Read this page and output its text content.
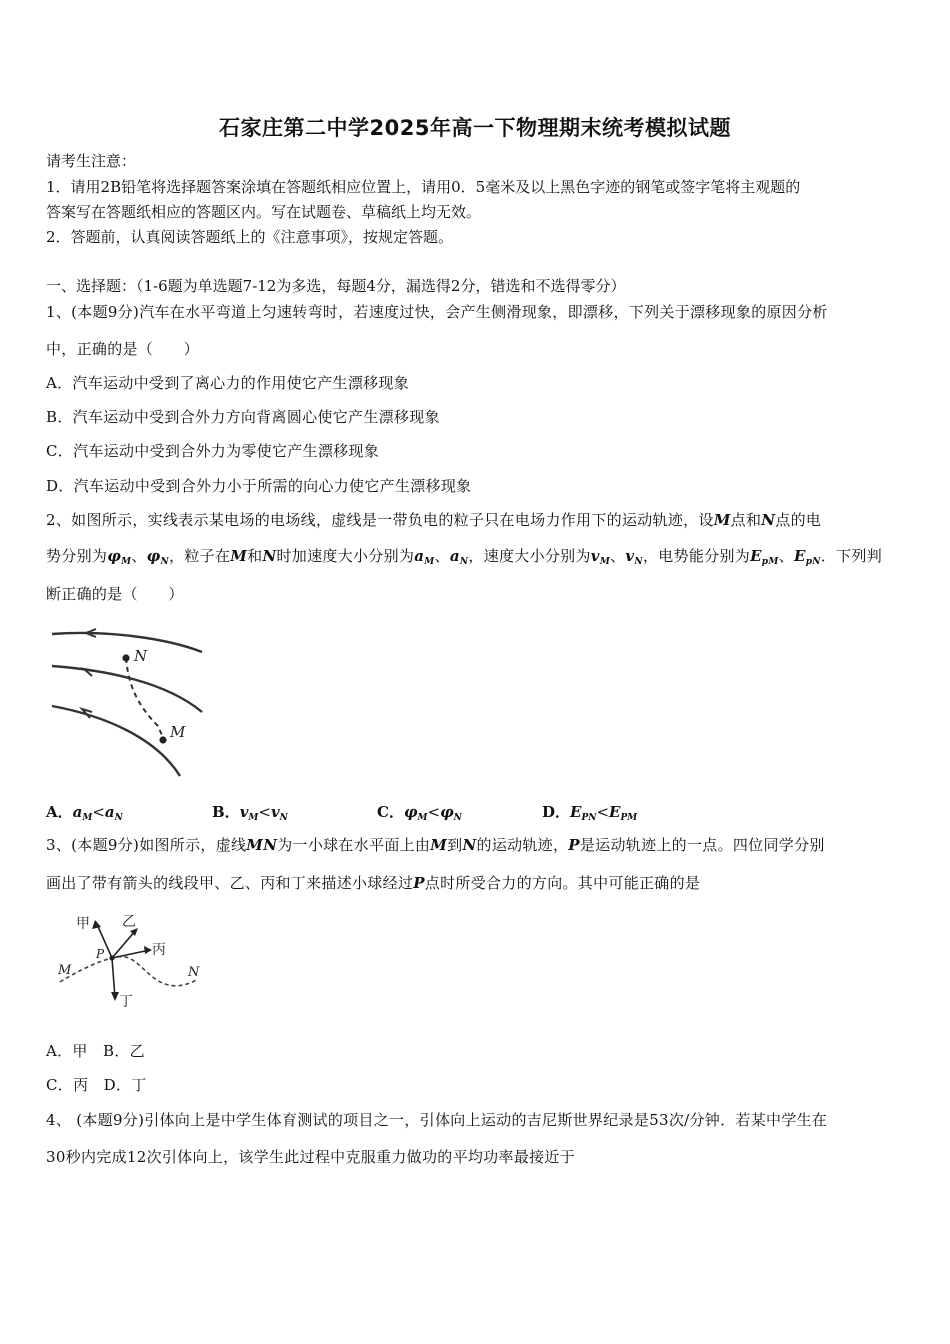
石家庄第二中学2025年高一下物理期末统考模拟试题
请考生注意：
1．请用2B铅笔将选择题答案涂填在答题纸相应位置上，请用0．5毫米及以上黑色字迹的钢笔或签字笔将主观题的
答案写在答题纸相应的答题区内。写在试题卷、草稿纸上均无效。
2．答题前，认真阅读答题纸上的《注意事项》，按规定答题。
一、选择题：（1-6题为单选题7-12为多选，每题4分，漏选得2分，错选和不选得零分）
1、(本题9分)汽车在水平弯道上匀速转弯时，若速度过快，会产生侧滑现象，即漂移，下列关于漂移现象的原因分析
中，正确的是（　　）
A．汽车运动中受到了离心力的作用使它产生漂移现象
B．汽车运动中受到合外力方向背离圆心使它产生漂移现象
C．汽车运动中受到合外力为零使它产生漂移现象
D．汽车运动中受到合外力小于所需的向心力使它产生漂移现象
2、如图所示，实线表示某电场的电场线，虚线是一带负电的粒子只在电场力作用下的运动轨迹，设M点和N点的电
势分别为$\varphi_M$、$\varphi_N$，粒子在M和N时加速度大小分别为$a_M$、$a_N$，速度大小分别为$v_M$、$v_N$，电势能分别为$E_{pM}$、$E_{pN}$．下列判
断正确的是（　　）
N
M
A．$a_M<a_N$	B．$v_M<v_N$	C．$\varphi_M<\varphi_N$	D．$E_{PN}<E_{PM}$
3、(本题9分)如图所示，虚线MN为一小球在水平面上由M到N的运动轨迹，P是运动轨迹上的一点。四位同学分别
画出了带有箭头的线段甲、乙、丙和丁来描述小球经过P点时所受合力的方向。其中可能正确的是
甲 乙
丙
丁
P
M	N
A．甲　B．乙
C．丙　D．丁
4、 (本题9分)引体向上是中学生体育测试的项目之一，引体向上运动的吉尼斯世界纪录是53次/分钟．若某中学生在
30秒内完成12次引体向上，该学生此过程中克服重力做功的平均功率最接近于
